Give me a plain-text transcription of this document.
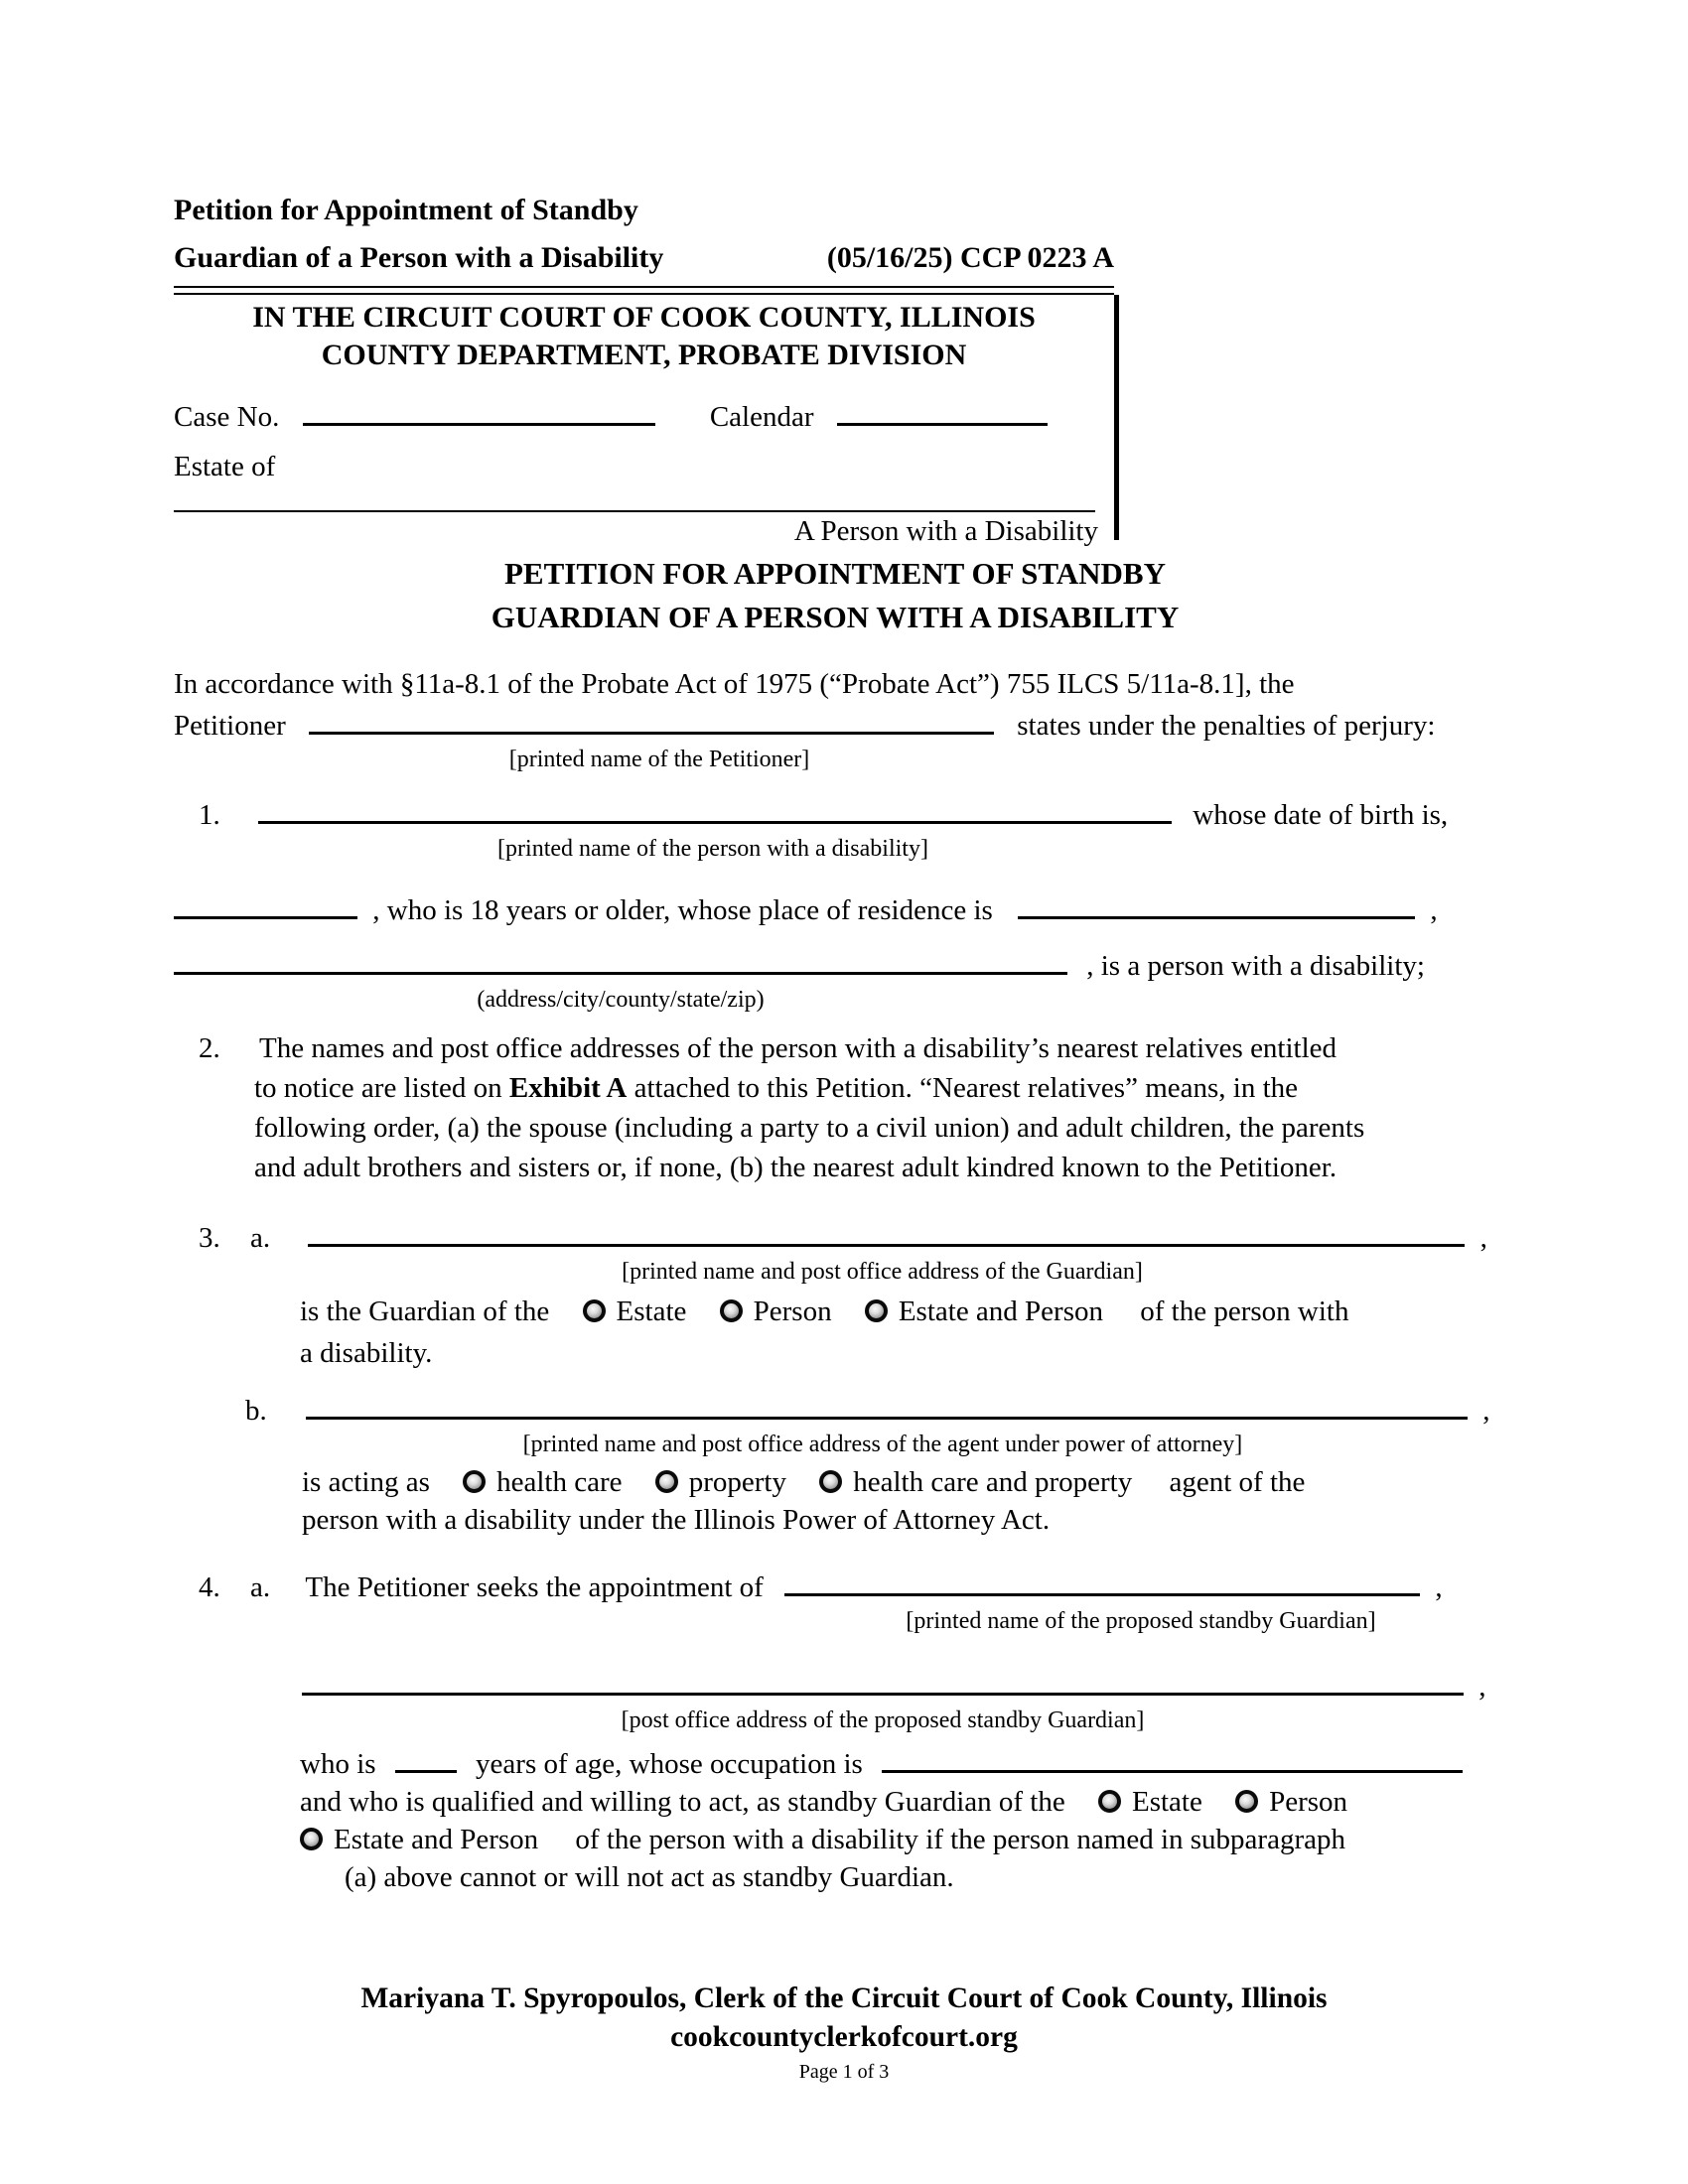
Petition for Appointment of Standby
Guardian of a Person with a Disability	(05/16/25) CCP 0223 A
IN THE CIRCUIT COURT OF COOK COUNTY, ILLINOIS
COUNTY DEPARTMENT, PROBATE DIVISION
Case No.	Calendar
Estate of
A Person with a Disability
PETITION FOR APPOINTMENT OF STANDBY
GUARDIAN OF A PERSON WITH A DISABILITY
In accordance with §11a-8.1 of the Probate Act of 1975 (“Probate Act”) 755 ILCS 5/11a-8.1], the
Petitioner	states under the penalties of perjury:
[printed name of the Petitioner]
1.	whose date of birth is,
[printed name of the person with a disability]
, who is 18 years or older, whose place of residence is	,
, is a person with a disability;
(address/city/county/state/zip)
2. The names and post office addresses of the person with a disability’s nearest relatives entitled
to notice are listed on Exhibit A attached to this Petition. “Nearest relatives” means, in the
following order, (a) the spouse (including a party to a civil union) and adult children, the parents
and adult brothers and sisters or, if none, (b) the nearest adult kindred known to the Petitioner.
3. a.	,
[printed name and post office address of the Guardian]
is the Guardian of the Estate Person Estate and Person of the person with
a disability.
b.	,
[printed name and post office address of the agent under power of attorney]
is acting as health care property health care and property agent of the
person with a disability under the Illinois Power of Attorney Act.
4. a. The Petitioner seeks the appointment of	,
[printed name of the proposed standby Guardian]
,
[post office address of the proposed standby Guardian]
who is	years of age, whose occupation is
and who is qualified and willing to act, as standby Guardian of the Estate Person
Estate and Person of the person with a disability if the person named in subparagraph
(a) above cannot or will not act as standby Guardian.
Mariyana T. Spyropoulos, Clerk of the Circuit Court of Cook County, Illinois
cookcountyclerkofcourt.org
Page 1 of 3
